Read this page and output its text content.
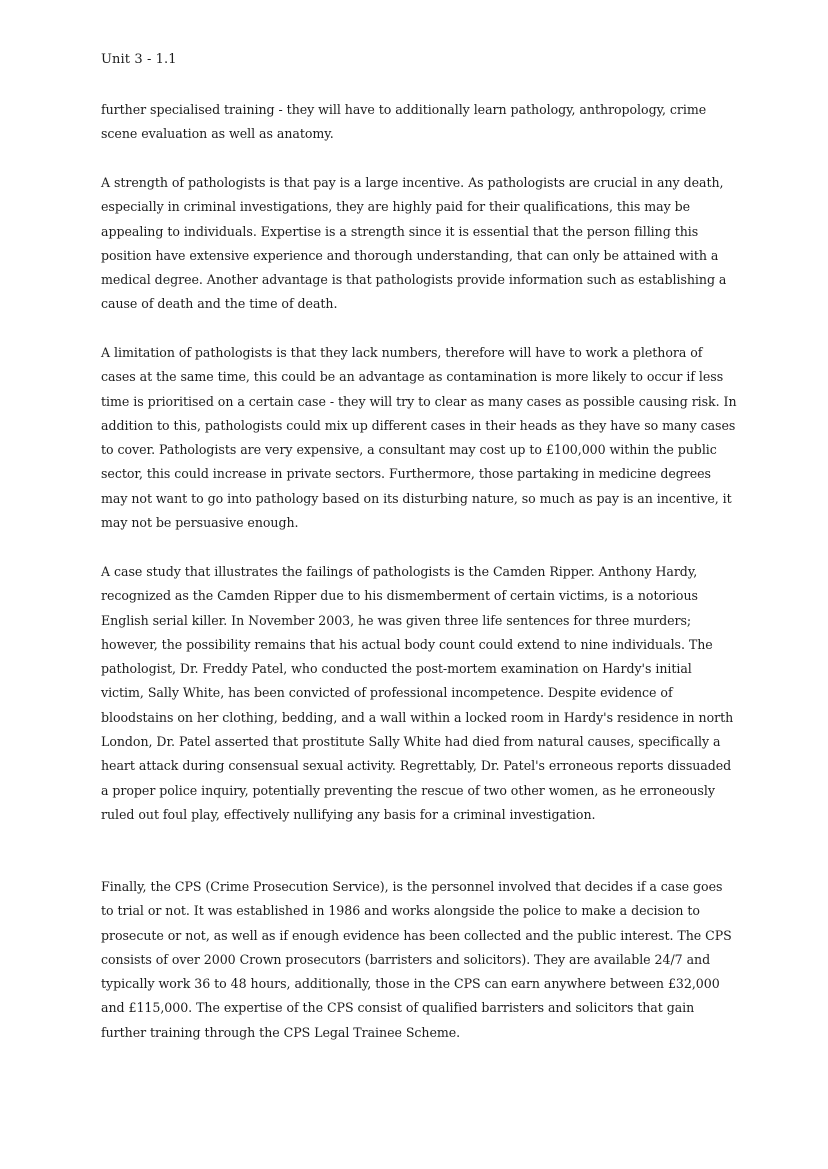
Unit 3 - 1.1

further specialised training - they will have to additionally learn pathology, anthropology, crime scene evaluation as well as anatomy.

A strength of pathologists is that pay is a large incentive. As pathologists are crucial in any death, especially in criminal investigations, they are highly paid for their qualifications, this may be appealing to individuals. Expertise is a strength since it is essential that the person filling this position have extensive experience and thorough understanding, that can only be attained with a medical degree. Another advantage is that pathologists provide information such as establishing a cause of death and the time of death.

A limitation of pathologists is that they lack numbers, therefore will have to work a plethora of cases at the same time, this could be an advantage as contamination is more likely to occur if less time is prioritised on a certain case - they will try to clear as many cases as possible causing risk. In addition to this, pathologists could mix up different cases in their heads as they have so many cases to cover. Pathologists are very expensive, a consultant may cost up to £100,000 within the public sector, this could increase in private sectors. Furthermore, those partaking in medicine degrees may not want to go into pathology based on its disturbing nature, so much as pay is an incentive, it may not be persuasive enough.

A case study that illustrates the failings of pathologists is the Camden Ripper. Anthony Hardy, recognized as the Camden Ripper due to his dismemberment of certain victims, is a notorious English serial killer. In November 2003, he was given three life sentences for three murders; however, the possibility remains that his actual body count could extend to nine individuals. The pathologist, Dr. Freddy Patel, who conducted the post-mortem examination on Hardy's initial victim, Sally White, has been convicted of professional incompetence. Despite evidence of bloodstains on her clothing, bedding, and a wall within a locked room in Hardy's residence in north London, Dr. Patel asserted that prostitute Sally White had died from natural causes, specifically a heart attack during consensual sexual activity. Regrettably, Dr. Patel's erroneous reports dissuaded a proper police inquiry, potentially preventing the rescue of two other women, as he erroneously ruled out foul play, effectively nullifying any basis for a criminal investigation.

Finally, the CPS (Crime Prosecution Service), is the personnel involved that decides if a case goes to trial or not. It was established in 1986 and works alongside the police to make a decision to prosecute or not, as well as if enough evidence has been collected and the public interest. The CPS consists of over 2000 Crown prosecutors (barristers and solicitors). They are available 24/7 and typically work 36 to 48 hours, additionally, those in the CPS can earn anywhere between £32,000 and £115,000. The expertise of the CPS consist of qualified barristers and solicitors that gain further training through the CPS Legal Trainee Scheme.
